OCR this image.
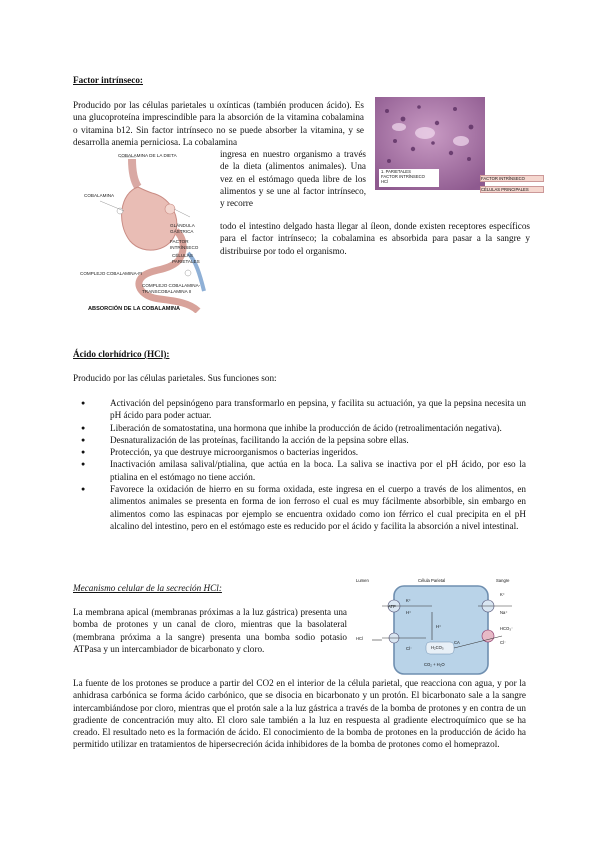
Factor intrínseco:
Producido por las células parietales u oxínticas (también producen ácido). Es una glucoproteína imprescindible para la absorción de la vitamina cobalamina o vitamina b12. Sin factor intrínseco no se puede absorber la vitamina, y se desarrolla anemia perniciosa. La cobalamina
COBALAMINA DE LA DIETA
COBALAMINA
GLÁNDULA GÁSTRICA
FACTOR INTRÍNSECO
COMPLEJO COBALAMINA-FI
CÉLULAS PARIETALES
COMPLEJO COBALAMINA- TRANSCOBALAMINA II
ABSORCIÓN DE LA COBALAMINA
1. PARIETALES
FACTOR INTRÍNSECO
HCl
FACTOR INTRÍNSECO
CÉLULAS PRINCIPALES
ingresa en nuestro organismo a través de la dieta (alimentos animales). Una vez en el estómago queda libre de los alimentos y se une al factor intrínseco, y recorre
todo el intestino delgado hasta llegar al íleon, donde existen receptores específicos para el factor intrínseco; la cobalamina es absorbida para pasar a la sangre y distribuirse por todo el organismo.
Ácido clorhídrico (HCl):
Producido por las células parietales. Sus funciones son:
● Activación del pepsinógeno para transformarlo en pepsina, y facilita su actuación, ya que la pepsina necesita un pH ácido para poder actuar.
● Liberación de somatostatina, una hormona que inhibe la producción de ácido (retroalimentación negativa).
● Desnaturalización de las proteínas, facilitando la acción de la pepsina sobre ellas.
● Protección, ya que destruye microorganismos o bacterias ingeridos.
● Inactivación amilasa salival/ptialina, que actúa en la boca. La saliva se inactiva por el pH ácido, por eso la ptialina en el estómago no tiene acción.
● Favorece la oxidación de hierro en su forma oxidada, este ingresa en el cuerpo a través de los alimentos, en alimentos animales se presenta en forma de ion ferroso el cual es muy fácilmente absorbible, sin embargo en alimentos como las espinacas por ejemplo se encuentra oxidado como ion férrico el cual precipita en el pH alcalino del intestino, pero en el estómago este es reducido por el ácido y facilita la absorción a nivel intestinal.
Mecanismo celular de la secreción HCl:
La membrana apical (membranas próximas a la luz gástrica) presenta una bomba de protones y un canal de cloro, mientras que la basolateral (membrana próxima a la sangre) presenta una bomba sodio potasio ATPasa y un intercambiador de bicarbonato y cloro.
Lumen	Célula Parietal	Sangre
HCl
K⁺
H⁺
Cl⁻
ATP
H⁺
H₂CO₃
CA
CO₂ + H₂O
K⁺
Na⁺
HCO₃⁻
Cl⁻
La fuente de los protones se produce a partir del CO2 en el interior de la célula parietal, que reacciona con agua, y por la anhidrasa carbónica se forma ácido carbónico, que se disocia en bicarbonato y un protón. El bicarbonato sale a la sangre intercambiándose por cloro, mientras que el protón sale a la luz gástrica a través de la bomba de protones y en contra de un gradiente de concentración muy alto. El cloro sale también a la luz en respuesta al gradiente electroquímico que se ha creado. El resultado neto es la formación de ácido. El conocimiento de la bomba de protones en la producción de ácido ha permitido utilizar en tratamientos de hipersecreción ácida inhibidores de la bomba de protones como el homeprazol.
